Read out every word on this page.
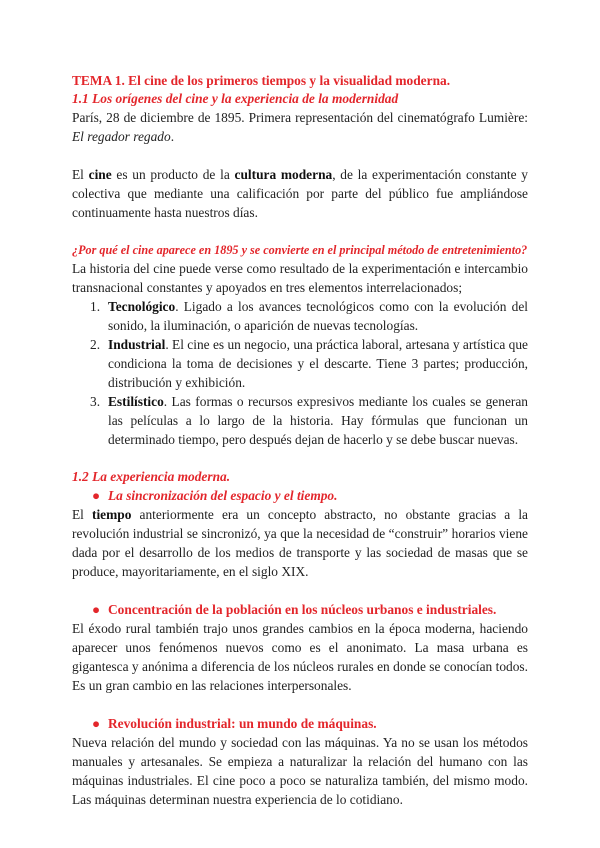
TEMA 1. El cine de los primeros tiempos y la visualidad moderna.

1.1 Los orígenes del cine y la experiencia de la modernidad

París, 28 de diciembre de 1895. Primera representación del cinematógrafo Lumière: El regador regado.

El cine es un producto de la cultura moderna, de la experimentación constante y colectiva que mediante una calificación por parte del público fue ampliándose continuamente hasta nuestros días.

¿Por qué el cine aparece en 1895 y se convierte en el principal método de entretenimiento?

La historia del cine puede verse como resultado de la experimentación e intercambio transnacional constantes y apoyados en tres elementos interrelacionados;

1. Tecnológico. Ligado a los avances tecnológicos como con la evolución del sonido, la iluminación, o aparición de nuevas tecnologías.
2. Industrial. El cine es un negocio, una práctica laboral, artesana y artística que condiciona la toma de decisiones y el descarte. Tiene 3 partes; producción, distribución y exhibición.
3. Estilístico. Las formas o recursos expresivos mediante los cuales se generan las películas a lo largo de la historia. Hay fórmulas que funcionan un determinado tiempo, pero después dejan de hacerlo y se debe buscar nuevas.

1.2 La experiencia moderna.

● La sincronización del espacio y el tiempo.

El tiempo anteriormente era un concepto abstracto, no obstante gracias a la revolución industrial se sincronizó, ya que la necesidad de “construir” horarios viene dada por el desarrollo de los medios de transporte y las sociedad de masas que se produce, mayoritariamente, en el siglo XIX.

● Concentración de la población en los núcleos urbanos e industriales.

El éxodo rural también trajo unos grandes cambios en la época moderna, haciendo aparecer unos fenómenos nuevos como es el anonimato. La masa urbana es gigantesca y anónima a diferencia de los núcleos rurales en donde se conocían todos. Es un gran cambio en las relaciones interpersonales.

● Revolución industrial: un mundo de máquinas.

Nueva relación del mundo y sociedad con las máquinas. Ya no se usan los métodos manuales y artesanales. Se empieza a naturalizar la relación del humano con las máquinas industriales. El cine poco a poco se naturaliza también, del mismo modo. Las máquinas determinan nuestra experiencia de lo cotidiano.
